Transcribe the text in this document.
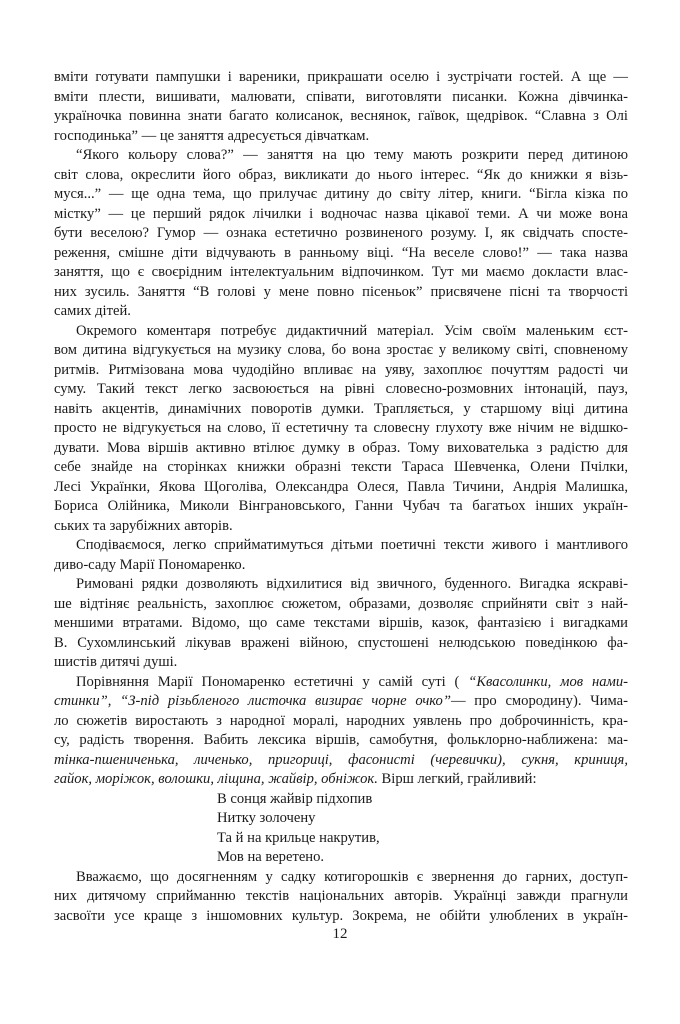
вміти готувати пампушки і вареники, прикрашати оселю і зустрічати гостей. А ще —
вміти плести, вишивати, малювати, співати, виготовляти писанки. Кожна дівчинка-
україночка повинна знати багато колисанок, веснянок, гаївок, щедрівок. “Славна з Олі
господинька” — це заняття адресується дівчаткам.
“Якого кольору слова?” — заняття на цю тему мають розкрити перед дитиною
світ слова, окреслити його образ, викликати до нього інтерес. “Як до книжки я візь-
муся...” — ще одна тема, що прилучає дитину до світу літер, книги. “Бігла кізка по
містку” — це перший рядок лічилки і водночас назва цікавої теми. А чи може вона
бути веселою? Гумор — ознака естетично розвиненого розуму. І, як свідчать спосте-
реження, смішне діти відчувають в ранньому віці. “На веселе слово!” — така назва
заняття, що є своєрідним інтелектуальним відпочинком. Тут ми маємо докласти влас-
них зусиль. Заняття “В голові у мене повно пісеньок” присвячене пісні та творчості
самих дітей.
Окремого коментаря потребує дидактичний матеріал. Усім своїм маленьким єст-
вом дитина відгукується на музику слова, бо вона зростає у великому світі, сповненому
ритмів. Ритмізована мова чудодійно впливає на уяву, захоплює почуттям радості чи
суму. Такий текст легко засвоюється на рівні словесно-розмовних інтонацій, пауз,
навіть акцентів, динамічних поворотів думки. Трапляється, у старшому віці дитина
просто не відгукується на слово, її естетичну та словесну глухоту вже нічим не відшко-
дувати. Мова віршів активно втілює думку в образ. Тому вихователька з радістю для
себе знайде на сторінках книжки образні тексти Тараса Шевченка, Олени Пчілки,
Лесі Українки, Якова Щоголіва, Олександра Олеся, Павла Тичини, Андрія Малишка,
Бориса Олійника, Миколи Вінграновського, Ганни Чубач та багатьох інших україн-
ських та зарубіжних авторів.
Сподіваємося, легко сприйматимуться дітьми поетичні тексти живого і мантливого
диво-саду Марії Пономаренко.
Римовані рядки дозволяють відхилитися від звичного, буденного. Вигадка яскраві-
ше відтіняє реальність, захоплює сюжетом, образами, дозволяє сприйняти світ з най-
меншими втратами. Відомо, що саме текстами віршів, казок, фантазією і вигадками
В. Сухомлинський лікував вражені війною, спустошені нелюдською поведінкою фа-
шистів дитячі душі.
Порівняння Марії Пономаренко естетичні у самій суті ( “Квасолинки, мов нами-
стинки”, “З-під різьбленого листочка визирає чорне очко”— про смородину). Чима-
ло сюжетів виростають з народної моралі, народних уявлень про доброчинність, кра-
су, радість творення. Вабить лексика віршів, самобутня, фольклорно-наближена: ма-
тінка-пшениченька, личенько, пригориці, фасонисті (черевички), сукня, криниця,
гайок, моріжок, волошки, ліщина, жайвір, обніжок. Вірш легкий, грайливий:
В сонця жайвір підхопив
Нитку золочену
Та й на крильце накрутив,
Мов на веретено.
Вважаємо, що досягненням у садку котигорошків є звернення до гарних, доступ-
них дитячому сприйманню текстів національних авторів. Українці завжди прагнули
засвоїти усе краще з іншомовних культур. Зокрема, не обійти улюблених в україн-
12
